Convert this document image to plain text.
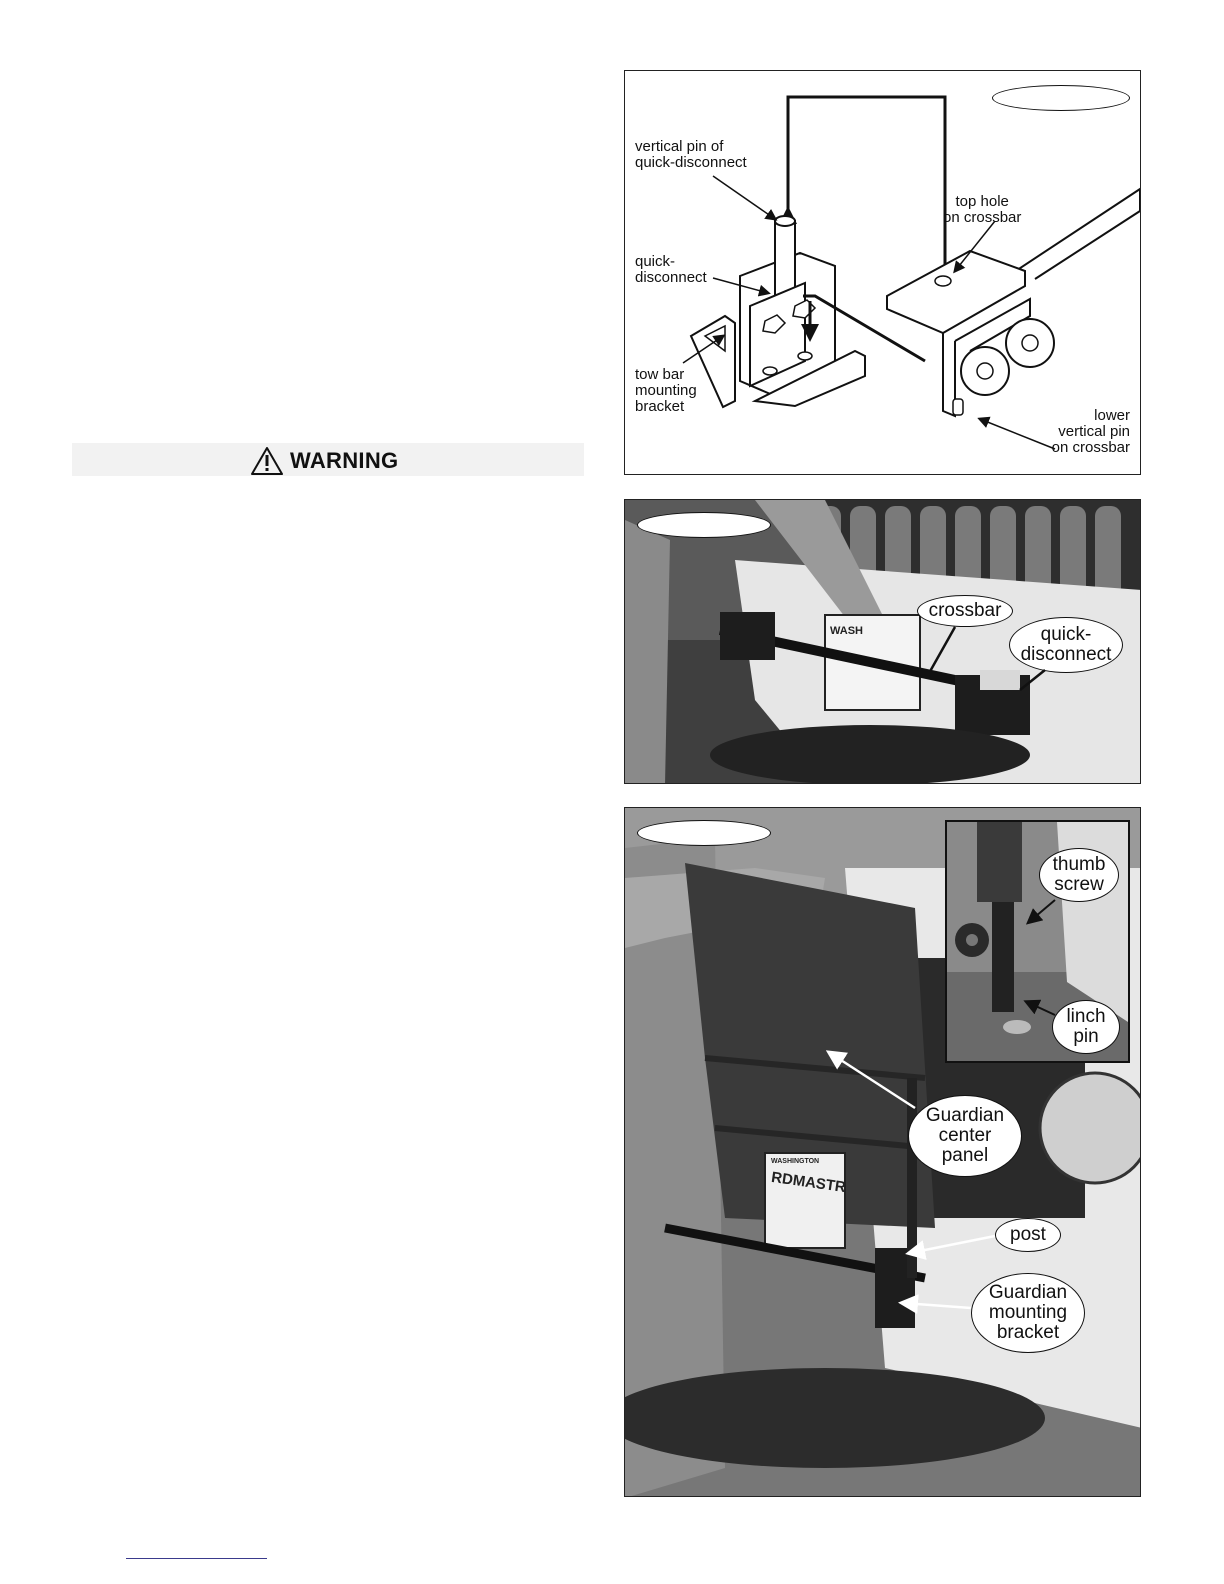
WARNING
vertical pin of
quick-disconnect
quick-
disconnect
tow bar
mounting
bracket
top hole
on crossbar
lower
vertical pin
on crossbar
WASH
crossbar
quick-
disconnect
WASHINGTON
RDMASTR
thumb
screw
linch
pin
Guardian
center
panel
post
Guardian
mounting
bracket
